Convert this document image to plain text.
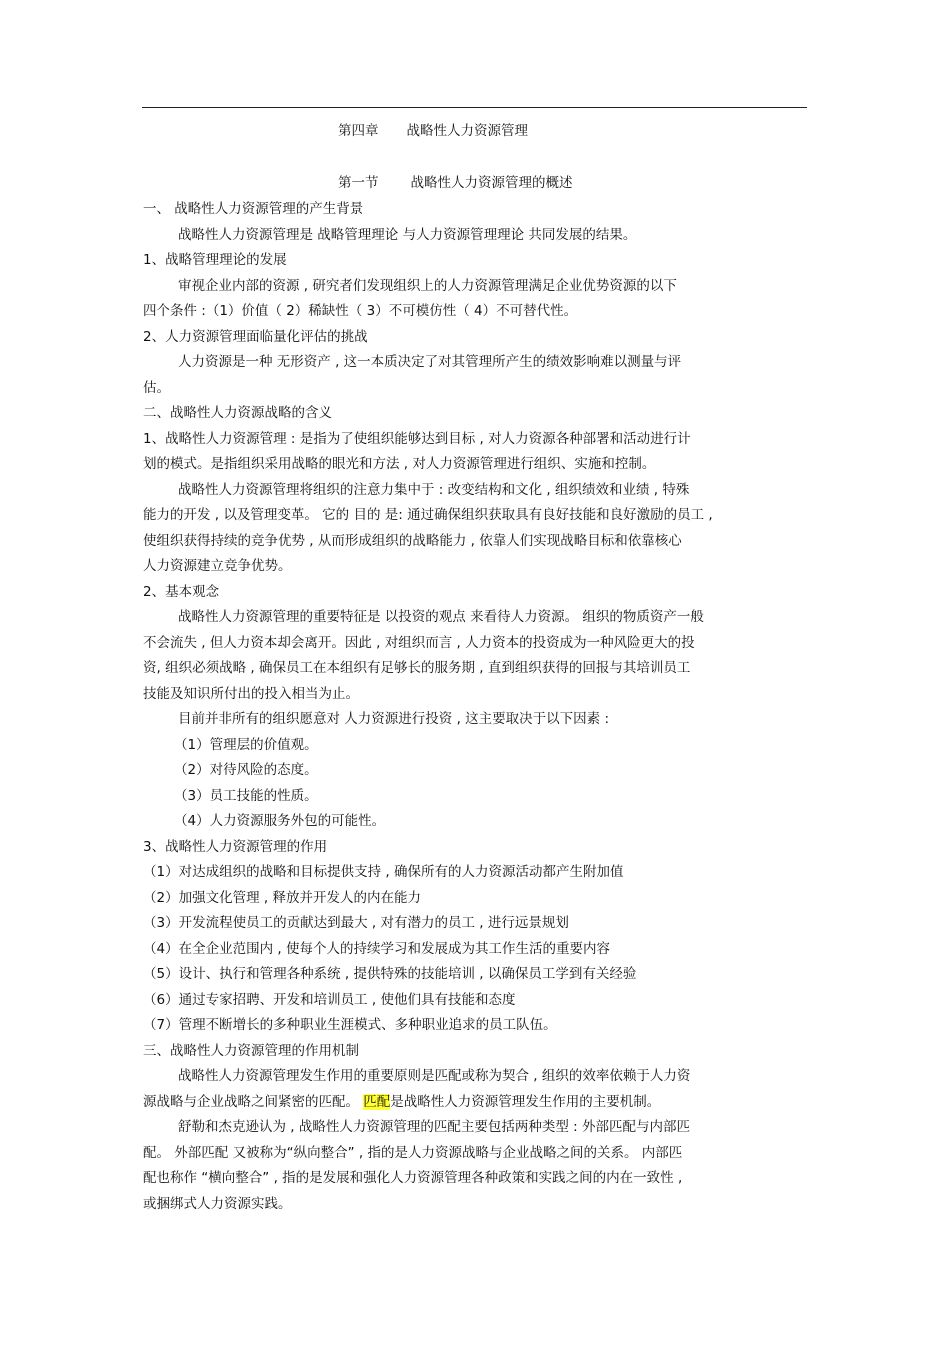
第四章 战略性人力资源管理
第一节 战略性人力资源管理的概述
一、 战略性人力资源管理的产生背景
战略性人力资源管理是 战略管理理论 与人力资源管理理论 共同发展的结果。
1、战略管理理论的发展
审视企业内部的资源 , 研究者们发现组织上的人力资源管理满足企业优势资源的以下
四个条件 :（1）价值（ 2）稀缺性（ 3）不可模仿性（ 4）不可替代性。
2、人力资源管理面临量化评估的挑战
人力资源是一种 无形资产 , 这一本质决定了对其管理所产生的绩效影响难以测量与评
估。
二、战略性人力资源战略的含义
1、战略性人力资源管理 : 是指为了使组织能够达到目标 , 对人力资源各种部署和活动进行计
划的模式。是指组织采用战略的眼光和方法 , 对人力资源管理进行组织、实施和控制。
战略性人力资源管理将组织的注意力集中于 : 改变结构和文化 , 组织绩效和业绩 , 特殊
能力的开发 , 以及管理变革。 它的 目的 是: 通过确保组织获取具有良好技能和良好激励的员工 ,
使组织获得持续的竞争优势 , 从而形成组织的战略能力 , 依靠人们实现战略目标和依靠核心
人力资源建立竞争优势。
2、基本观念
战略性人力资源管理的重要特征是 以投资的观点 来看待人力资源。 组织的物质资产一般
不会流失 , 但人力资本却会离开。因此 , 对组织而言 , 人力资本的投资成为一种风险更大的投
资, 组织必须战略 , 确保员工在本组织有足够长的服务期 , 直到组织获得的回报与其培训员工
技能及知识所付出的投入相当为止。
目前并非所有的组织愿意对 人力资源进行投资 , 这主要取决于以下因素 :
（1）管理层的价值观。
（2）对待风险的态度。
（3）员工技能的性质。
（4）人力资源服务外包的可能性。
3、战略性人力资源管理的作用
（1）对达成组织的战略和目标提供支持 , 确保所有的人力资源活动都产生附加值
（2）加强文化管理 , 释放并开发人的内在能力
（3）开发流程使员工的贡献达到最大 , 对有潜力的员工 , 进行远景规划
（4）在全企业范围内 , 使每个人的持续学习和发展成为其工作生活的重要内容
（5）设计、执行和管理各种系统 , 提供特殊的技能培训 , 以确保员工学到有关经验
（6）通过专家招聘、开发和培训员工 , 使他们具有技能和态度
（7）管理不断增长的多种职业生涯模式、多种职业追求的员工队伍。
三、战略性人力资源管理的作用机制
战略性人力资源管理发生作用的重要原则是匹配或称为契合 , 组织的效率依赖于人力资
源战略与企业战略之间紧密的匹配。 匹配是战略性人力资源管理发生作用的主要机制。
舒勒和杰克逊认为 , 战略性人力资源管理的匹配主要包括两种类型 : 外部匹配与内部匹
配。 外部匹配 又被称为“纵向整合” , 指的是人力资源战略与企业战略之间的关系。 内部匹
配也称作 “横向整合” , 指的是发展和强化人力资源管理各种政策和实践之间的内在一致性 ,
或捆绑式人力资源实践。
